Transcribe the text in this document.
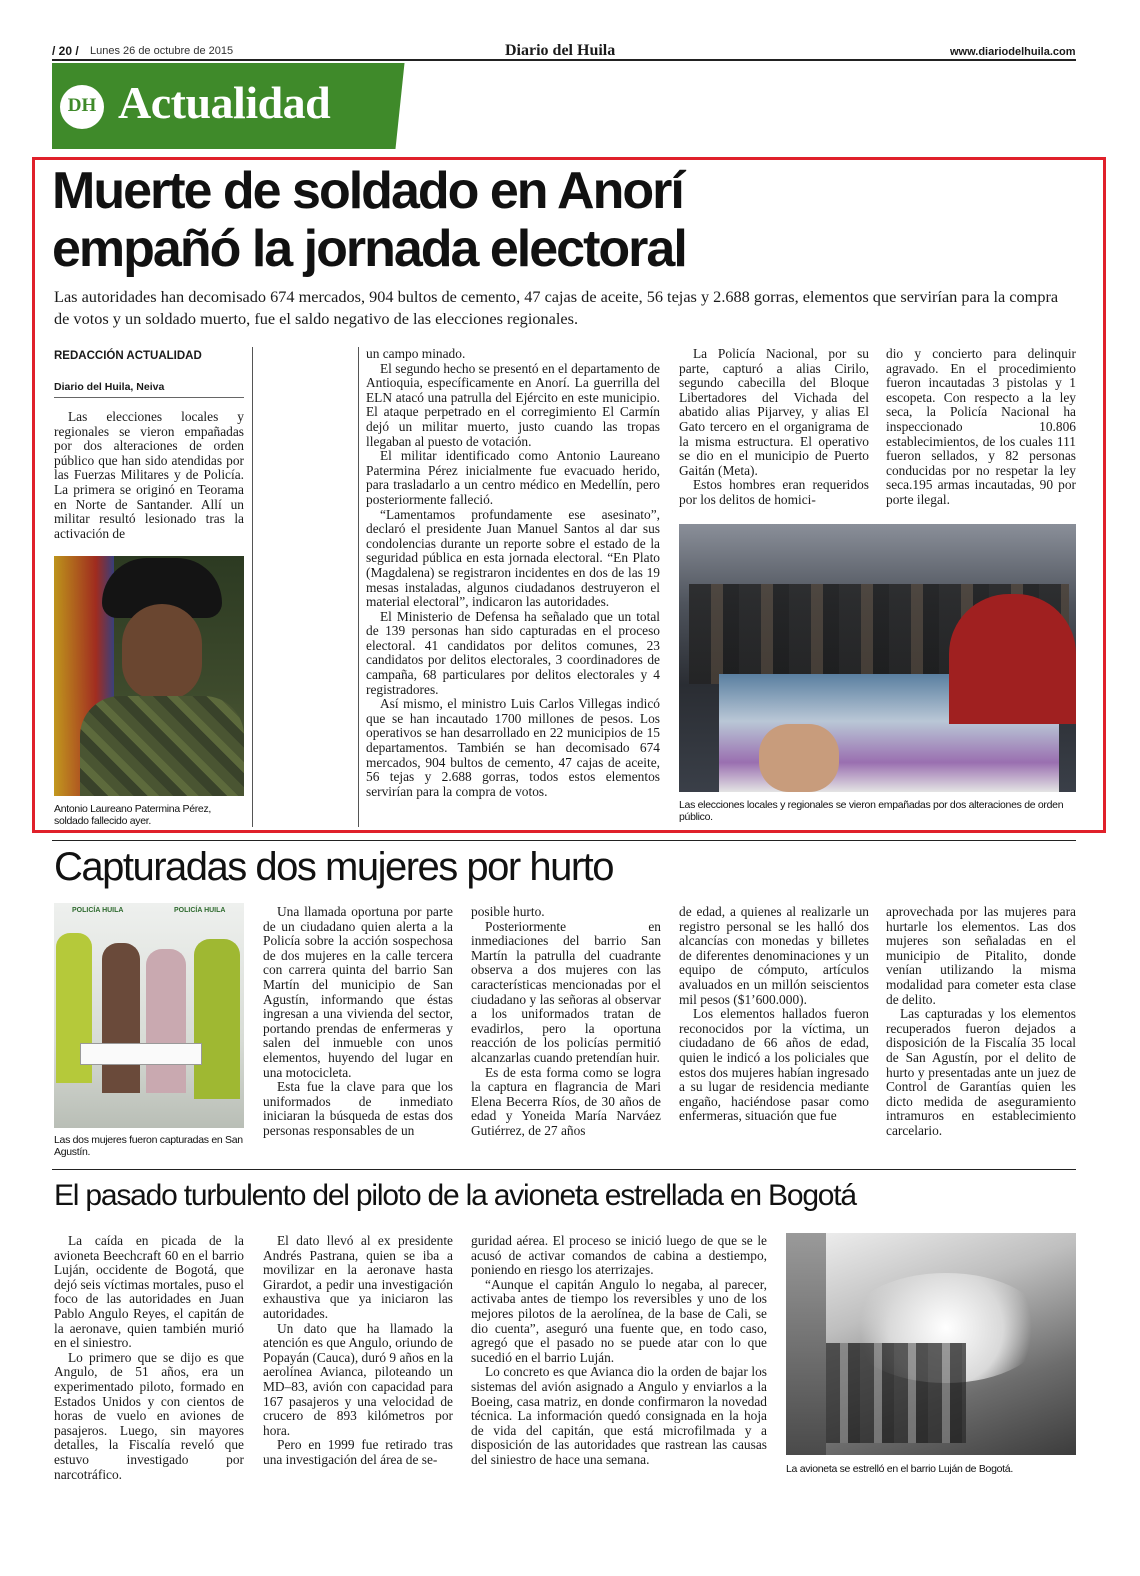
/ 20 / Lunes 26 de octubre de 2015	Diario del Huila	www.diariodelhuila.com
DH Actualidad
Muerte de soldado en Anorí
empañó la jornada electoral
Las autoridades han decomisado 674 mercados, 904 bultos de cemento, 47 cajas de aceite, 56 tejas y 2.688 gorras, elementos que servirían para la compra de votos y un soldado muerto, fue el saldo negativo de las elecciones regionales.
REDACCIÓN ACTUALIDAD
Diario del Huila, Neiva

Las elecciones locales y regionales se vieron empañadas por dos alteraciones de orden público que han sido atendidas por las Fuerzas Militares y de Policía. La primera se originó en Teorama en Norte de Santander. Allí un militar resultó lesionado tras la activación de

Antonio Laureano Patermina Pérez, soldado fallecido ayer.

un campo minado.

El segundo hecho se presentó en el departamento de Antioquia, específicamente en Anorí. La guerrilla del ELN atacó una patrulla del Ejército en este municipio. El ataque perpetrado en el corregimiento El Carmín dejó un militar muerto, justo cuando las tropas llegaban al puesto de votación.

El militar identificado como Antonio Laureano Patermina Pérez inicialmente fue evacuado herido, para trasladarlo a un centro médico en Medellín, pero posteriormente falleció.

“Lamentamos profundamente ese asesinato”, declaró el presidente Juan Manuel Santos al dar sus condolencias durante un reporte sobre el estado de la seguridad pública en esta jornada electoral. “En Plato (Magdalena) se registraron incidentes en dos de las 19 mesas instaladas, algunos ciudadanos destruyeron el material electoral”, indicaron las autoridades.

El Ministerio de Defensa ha señalado que un total de 139 personas han sido capturadas en el proceso electoral. 41 candidatos por delitos comunes, 23 candidatos por delitos electorales, 3 coordinadores de campaña, 68 particulares por delitos electorales y 4 registradores.

Así mismo, el ministro Luis Carlos Villegas indicó que se han incautado 1700 millones de pesos. Los operativos se han desarrollado en 22 municipios de 15 departamentos. También se han decomisado 674 mercados, 904 bultos de cemento, 47 cajas de aceite, 56 tejas y 2.688 gorras, todos estos elementos servirían para la compra de votos.

La Policía Nacional, por su parte, capturó a alias Cirilo, segundo cabecilla del Bloque Libertadores del Vichada del abatido alias Pijarvey, y alias El Gato tercero en el organigrama de la misma estructura. El operativo se dio en el municipio de Puerto Gaitán (Meta).

Estos hombres eran requeridos por los delitos de homici-

dio y concierto para delinquir agravado. En el procedimiento fueron incautadas 3 pistolas y 1 escopeta. Con respecto a la ley seca, la Policía Nacional ha inspeccionado 10.806 establecimientos, de los cuales 111 fueron sellados, y 82 personas conducidas por no respetar la ley seca.195 armas incautadas, 90 por porte ilegal.

Las elecciones locales y regionales se vieron empañadas por dos alteraciones de orden público.
Capturadas dos mujeres por hurto
POLICÍA HUILA	POLICÍA HUILA
Las dos mujeres fueron capturadas en San Agustín.

Una llamada oportuna por parte de un ciudadano quien alerta a la Policía sobre la acción sospechosa de dos mujeres en la calle tercera con carrera quinta del barrio San Martín del municipio de San Agustín, informando que éstas ingresan a una vivienda del sector, portando prendas de enfermeras y salen del inmueble con unos elementos, huyendo del lugar en una motocicleta.

Esta fue la clave para que los uniformados de inmediato iniciaran la búsqueda de estas dos personas responsables de un

posible hurto.

Posteriormente en inmediaciones del barrio San Martín la patrulla del cuadrante observa a dos mujeres con las características mencionadas por el ciudadano y las señoras al observar a los uniformados tratan de evadirlos, pero la oportuna reacción de los policías permitió alcanzarlas cuando pretendían huir.

Es de esta forma como se logra la captura en flagrancia de Mari Elena Becerra Ríos, de 30 años de edad y Yoneida María Narváez Gutiérrez, de 27 años

de edad, a quienes al realizarle un registro personal se les halló dos alcancías con monedas y billetes de diferentes denominaciones y un equipo de cómputo, artículos avaluados en un millón seiscientos mil pesos ($1’600.000).

Los elementos hallados fueron reconocidos por la víctima, un ciudadano de 66 años de edad, quien le indicó a los policiales que estos dos mujeres habían ingresado a su lugar de residencia mediante engaño, haciéndose pasar como enfermeras, situación que fue

aprovechada por las mujeres para hurtarle los elementos. Las dos mujeres son señaladas en el municipio de Pitalito, donde venían utilizando la misma modalidad para cometer esta clase de delito.

Las capturadas y los elementos recuperados fueron dejados a disposición de la Fiscalía 35 local de San Agustín, por el delito de hurto y presentadas ante un juez de Control de Garantías quien les dicto medida de aseguramiento intramuros en establecimiento carcelario.

El pasado turbulento del piloto de la avioneta estrellada en Bogotá

La caída en picada de la avioneta Beechcraft 60 en el barrio Luján, occidente de Bogotá, que dejó seis víctimas mortales, puso el foco de las autoridades en Juan Pablo Angulo Reyes, el capitán de la aeronave, quien también murió en el siniestro.

Lo primero que se dijo es que Angulo, de 51 años, era un experimentado piloto, formado en Estados Unidos y con cientos de horas de vuelo en aviones de pasajeros. Luego, sin mayores detalles, la Fiscalía reveló que estuvo investigado por narcotráfico.

El dato llevó al ex presidente Andrés Pastrana, quien se iba a movilizar en la aeronave hasta Girardot, a pedir una investigación exhaustiva que ya iniciaron las autoridades.

Un dato que ha llamado la atención es que Angulo, oriundo de Popayán (Cauca), duró 9 años en la aerolínea Avianca, piloteando un MD–83, avión con capacidad para 167 pasajeros y una velocidad de crucero de 893 kilómetros por hora.

Pero en 1999 fue retirado tras una investigación del área de se-

guridad aérea. El proceso se inició luego de que se le acusó de activar comandos de cabina a destiempo, poniendo en riesgo los aterrizajes.

“Aunque el capitán Angulo lo negaba, al parecer, activaba antes de tiempo los reversibles y uno de los mejores pilotos de la aerolínea, de la base de Cali, se dio cuenta”, aseguró una fuente que, en todo caso, agregó que el pasado no se puede atar con lo que sucedió en el barrio Luján.

Lo concreto es que Avianca dio la orden de bajar los sistemas del avión asignado a Angulo y enviarlos a la Boeing, casa matriz, en donde confirmaron la novedad técnica. La información quedó consignada en la hoja de vida del capitán, que está microfilmada y a disposición de las autoridades que rastrean las causas del siniestro de hace una semana.

La avioneta se estrelló en el barrio Luján de Bogotá.
